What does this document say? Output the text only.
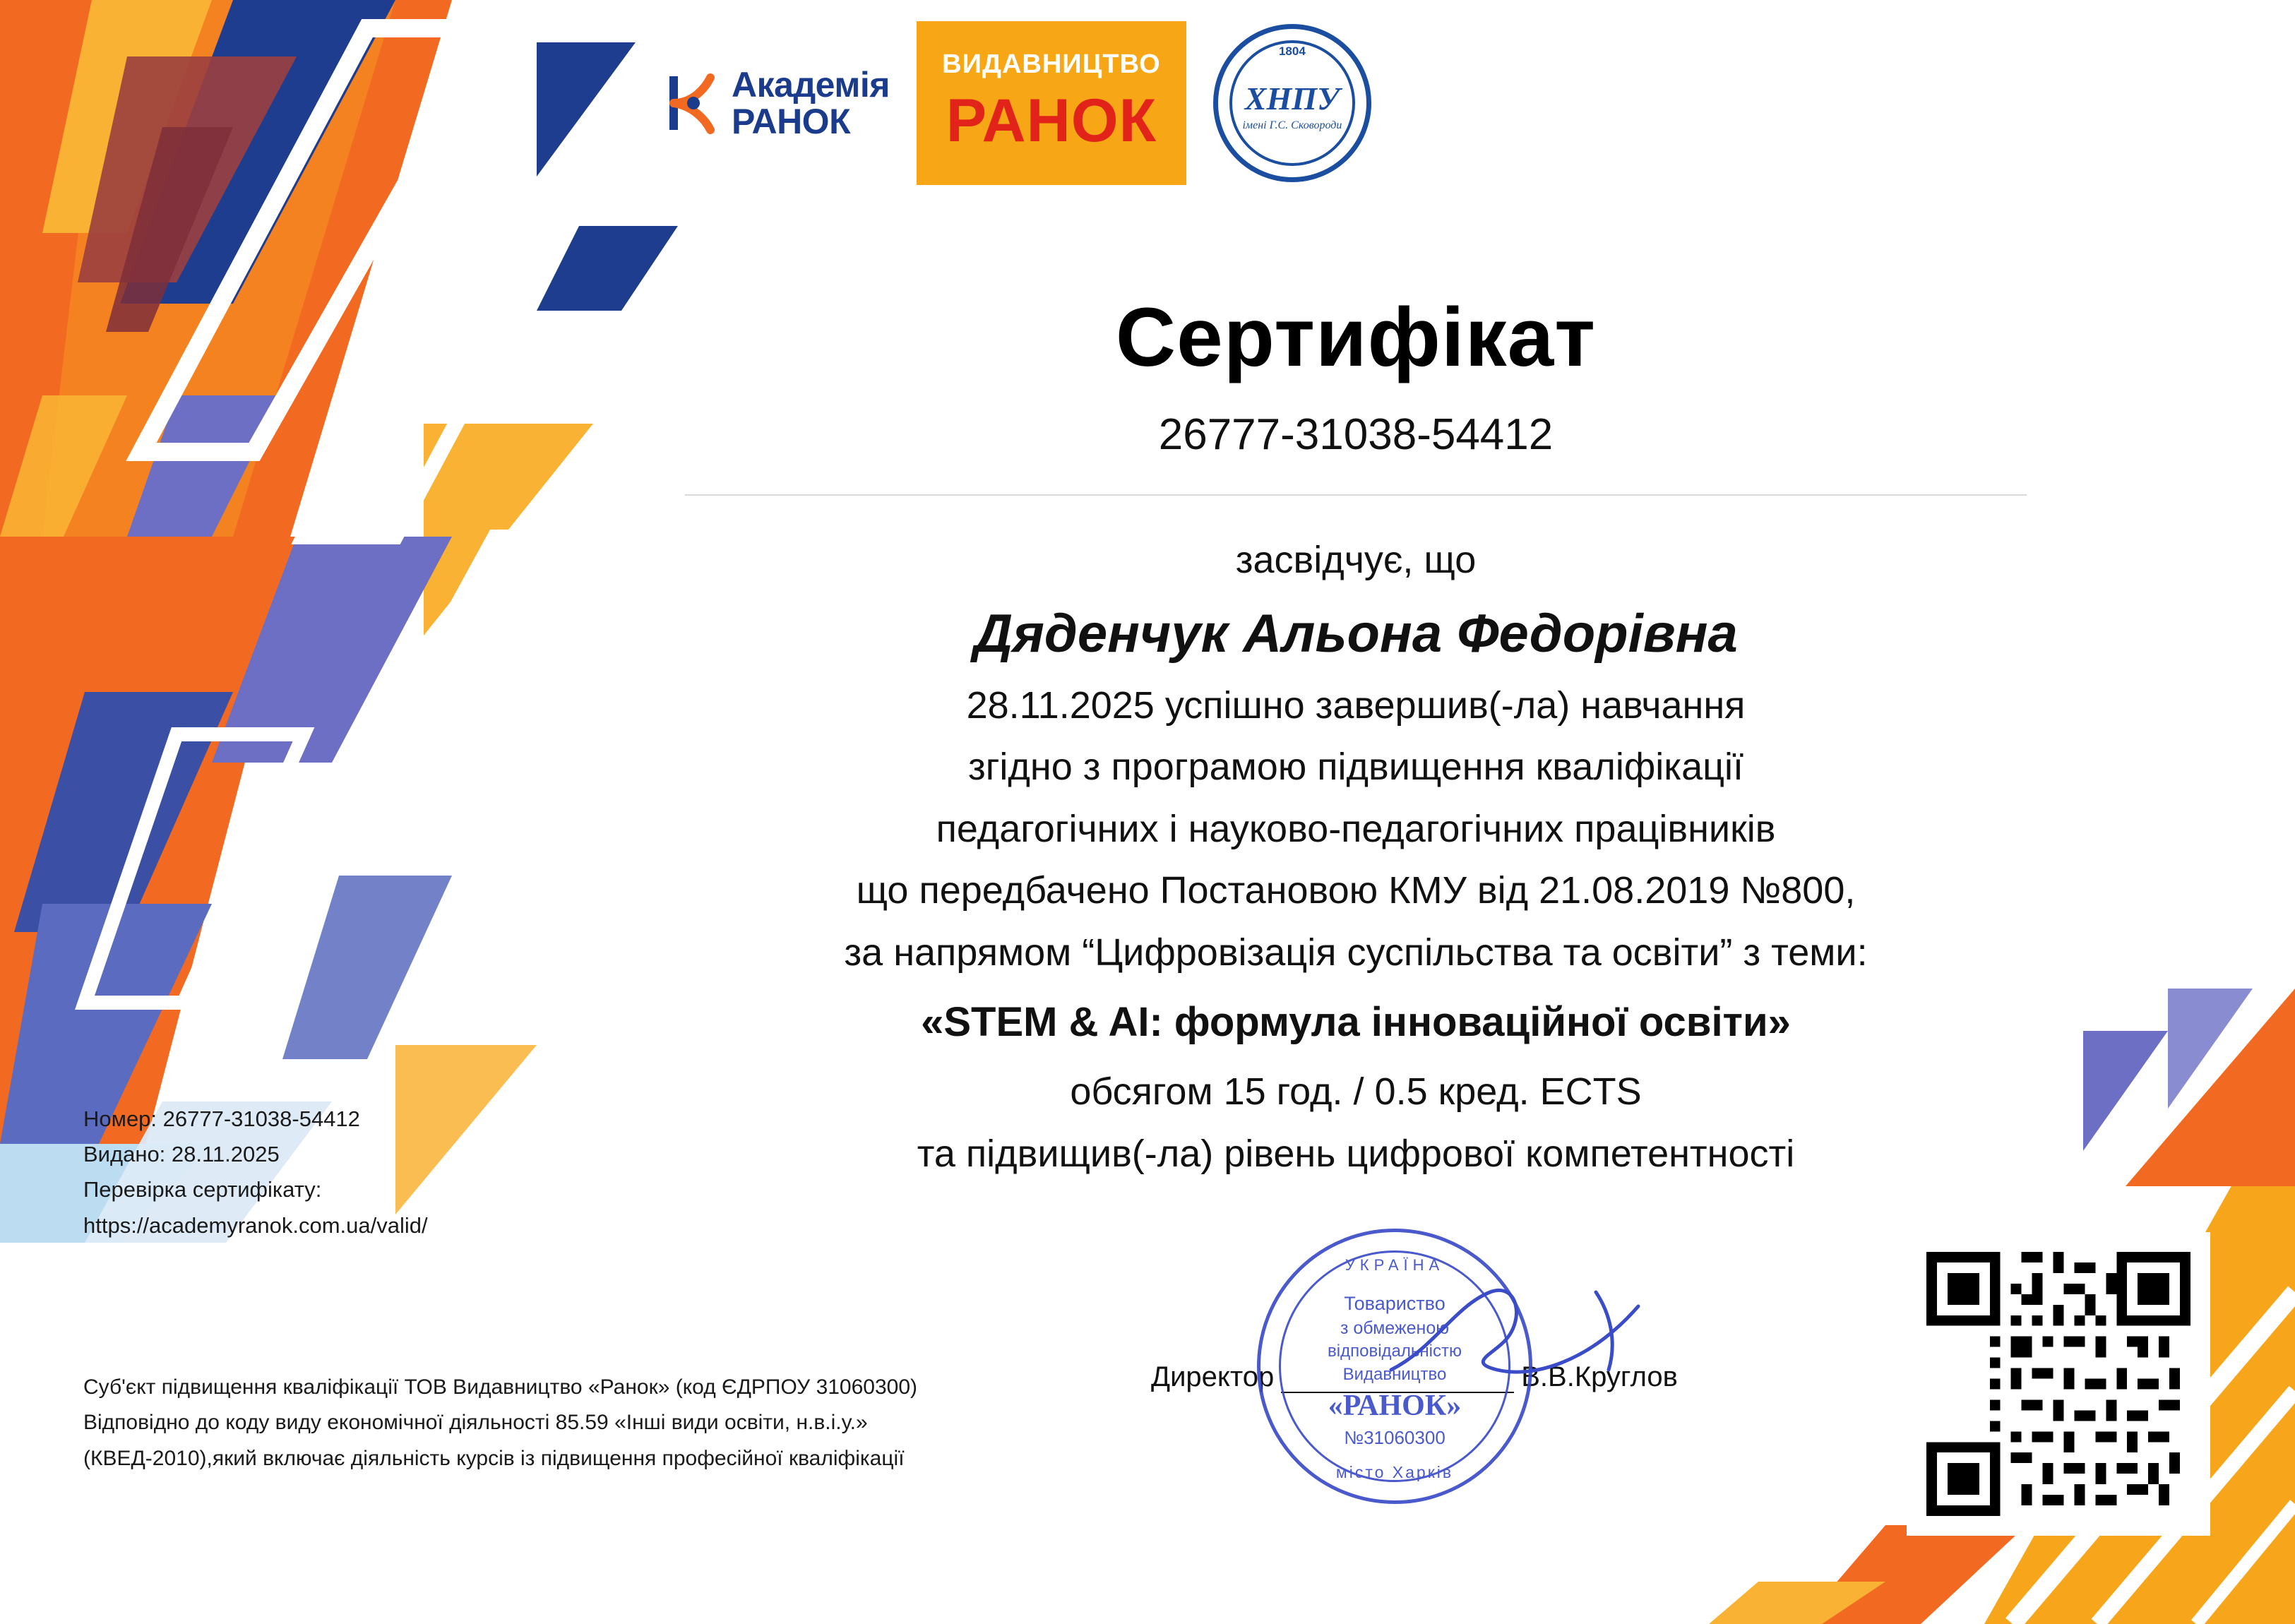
Академія
РАНОК
ВИДАВНИЦТВО
РАНОК
1804
ХНПУ
імені Г.С. Сковороди
Сертифікат
26777-31038-54412
засвідчує, що
Дяденчук Альона Федорівна
28.11.2025 успішно завершив(-ла) навчання
згідно з програмою підвищення кваліфікації
педагогічних і науково-педагогічних працівників
що передбачено Постановою КМУ від 21.08.2019 №800,
за напрямом “Цифровізація суспільства та освіти” з теми:
«STEM & AI: формула інноваційної освіти»
обсягом 15 год. / 0.5 кред. ECTS
та підвищив(-ла) рівень цифрової компетентності
Номер: 26777-31038-54412
Видано: 28.11.2025
Перевірка сертифікату:
https://academyranok.com.ua/valid/
Суб'єкт підвищення кваліфікації ТОВ Видавництво «Ранок» (код ЄДРПОУ 31060300)
Відповідно до коду виду економічної діяльності 85.59 «Інші види освіти, н.в.і.у.»
(КВЕД-2010),який включає діяльність курсів із підвищення професійної кваліфікації
Директор	В.В.Круглов
УКРАЇНА
Товариство
з обмеженою
відповідальністю
Видавництво
«РАНОК»
№31060300
місто Харків
